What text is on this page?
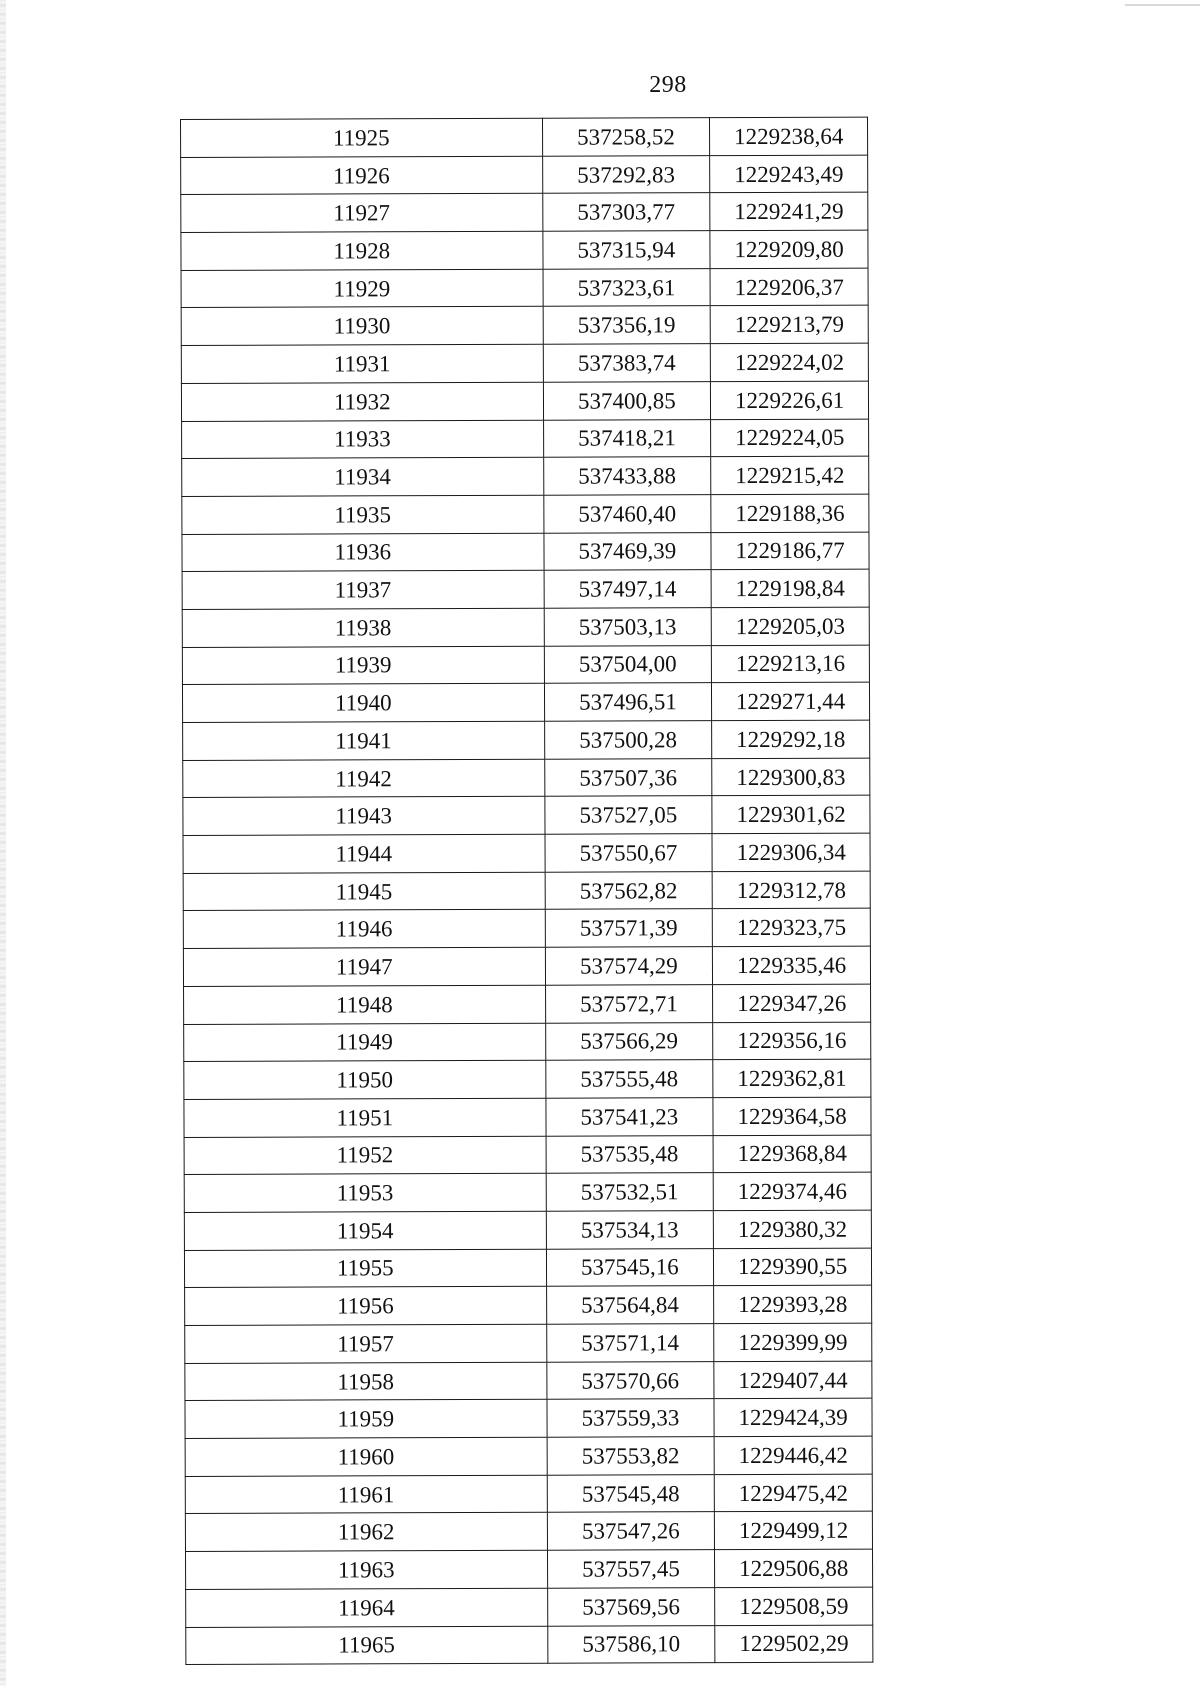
298
11925	537258,52	1229238,64
11926	537292,83	1229243,49
11927	537303,77	1229241,29
11928	537315,94	1229209,80
11929	537323,61	1229206,37
11930	537356,19	1229213,79
11931	537383,74	1229224,02
11932	537400,85	1229226,61
11933	537418,21	1229224,05
11934	537433,88	1229215,42
11935	537460,40	1229188,36
11936	537469,39	1229186,77
11937	537497,14	1229198,84
11938	537503,13	1229205,03
11939	537504,00	1229213,16
11940	537496,51	1229271,44
11941	537500,28	1229292,18
11942	537507,36	1229300,83
11943	537527,05	1229301,62
11944	537550,67	1229306,34
11945	537562,82	1229312,78
11946	537571,39	1229323,75
11947	537574,29	1229335,46
11948	537572,71	1229347,26
11949	537566,29	1229356,16
11950	537555,48	1229362,81
11951	537541,23	1229364,58
11952	537535,48	1229368,84
11953	537532,51	1229374,46
11954	537534,13	1229380,32
11955	537545,16	1229390,55
11956	537564,84	1229393,28
11957	537571,14	1229399,99
11958	537570,66	1229407,44
11959	537559,33	1229424,39
11960	537553,82	1229446,42
11961	537545,48	1229475,42
11962	537547,26	1229499,12
11963	537557,45	1229506,88
11964	537569,56	1229508,59
11965	537586,10	1229502,29
